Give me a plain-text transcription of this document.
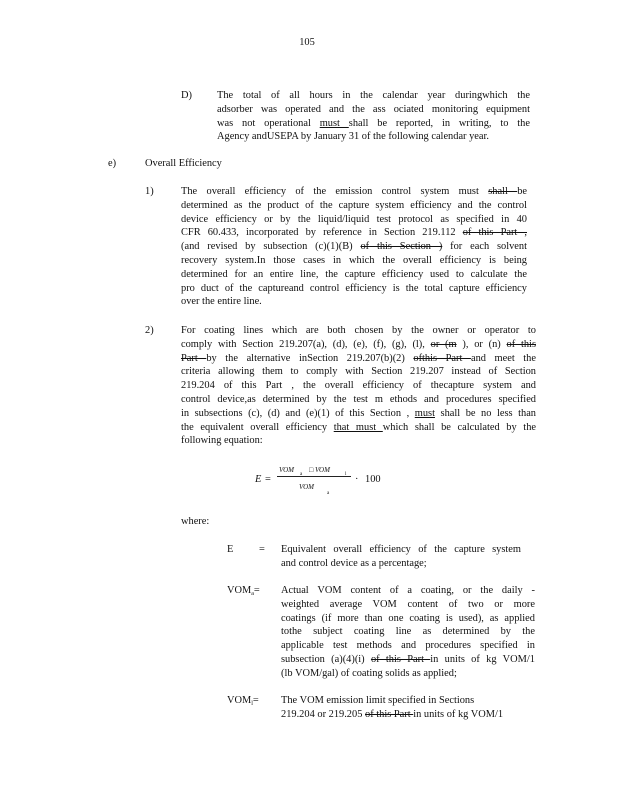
105
D) The total of all hours in the calendar year duringwhich the
adsorber was operated and the ass ociated monitoring equipment
was not operational must shall be reported, in writing, to the
Agency andUSEPA by January 31 of the following calendar year.
e)	Overall Efficiency
1)	The overall efficiency of the emission control system must shall be
determined as the product of the capture system efficiency and the control
device efficiency or by the liquid/liquid test protocol as specified in 40
CFR 60.433, incorporated by reference in Section 219.112 of this Part ,
(and revised by subsection (c)(1)(B) of this Section ) for each solvent
recovery system.In those cases in which the overall efficiency is being
determined for an entire line, the capture efficiency used to calculate the
pro duct of the captureand control efficiency is the total capture efficiency
over the entire line.
2)	For coating lines which are both chosen by the owner or operator to
comply with Section 219.207(a), (d), (e), (f), (g), (l), or (m ), or (n) of this
Part by the alternative inSection 219.207(b)(2) ofthis Part and meet the
criteria allowing them to comply with Section 219.207 instead of Section
219.204 of this Part , the overall efficiency of thecapture system and
control device,as determined by the test m ethods and procedures specified
in subsections (c), (d) and (e)(1) of this Section , must shall be no less than
the equivalent overall efficiency that must which shall be calculated by the
following equation:
E =
VOM
a
□ VOM
l
VOM
a
· 100
where:
E = Equivalent overall efficiency of the capture system
and control device as a percentage;
$VOM_a=$ Actual VOM content of a coating, or the daily -
weighted average VOM content of two or more
coatings (if more than one coating is used), as applied
tothe subject coating line as determined by the
applicable test methods and procedures specified in
subsection (a)(4)(i) of this Part in units of kg VOM/1
(lb VOM/gal) of coating solids as applied;
$VOM_l=$ The VOM emission limit specified in Sections
219.204 or 219.205 of this Part in units of kg VOM/1
